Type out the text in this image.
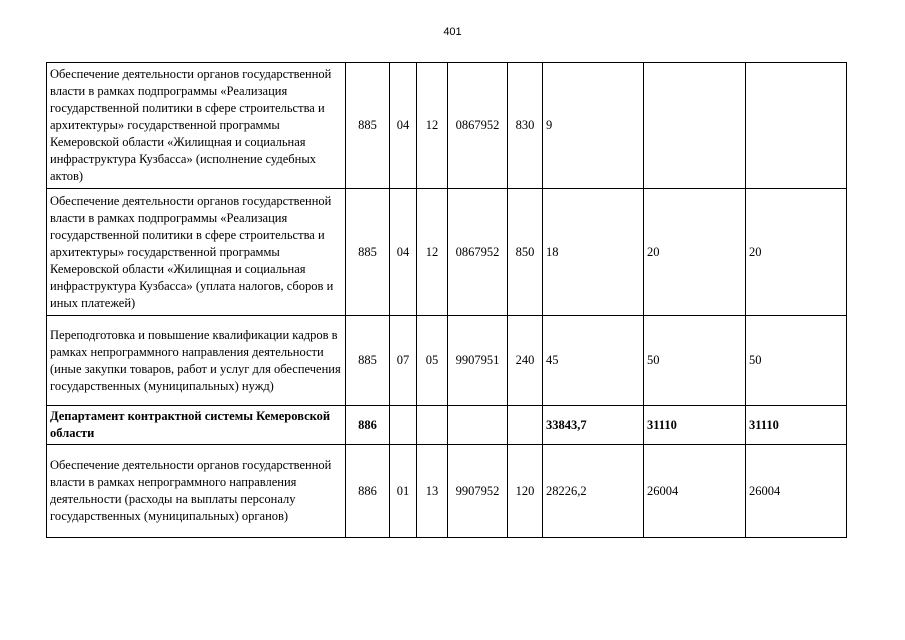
401
Обеспечение деятельности органов государственной власти в рамках подпрограммы «Реализация государственной политики в сфере строительства и архитектуры» государственной программы Кемеровской области «Жилищная и социальная инфраструктура Кузбасса» (исполнение судебных актов)	885	04	12	0867952	830	9		
Обеспечение деятельности органов государственной власти в рамках подпрограммы «Реализация государственной политики в сфере строительства и архитектуры» государственной программы Кемеровской области «Жилищная и социальная инфраструктура Кузбасса» (уплата налогов, сборов и иных платежей)	885	04	12	0867952	850	18	20	20
Переподготовка и повышение квалификации кадров в рамках непрограммного направления деятельности (иные закупки товаров, работ и услуг для обеспечения государственных (муниципальных) нужд)	885	07	05	9907951	240	45	50	50
Департамент контрактной системы Кемеровской области	886					33843,7	31110	31110
Обеспечение деятельности органов государственной власти в рамках непрограммного направления деятельности (расходы на выплаты персоналу государственных (муниципальных) органов)	886	01	13	9907952	120	28226,2	26004	26004
